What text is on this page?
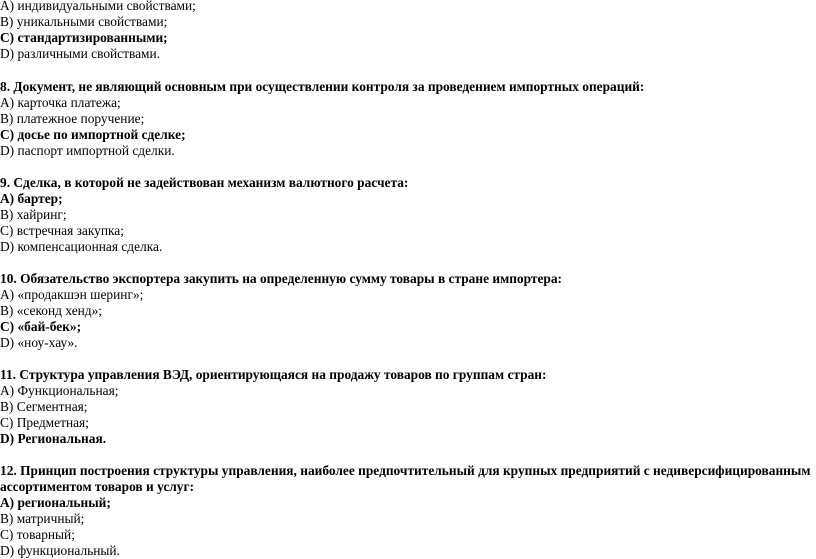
A) индивидуальными свойствами;

B) уникальными свойствами;

C) стандартизированными;

D) различными свойствами.

8. Документ, не являющий основным при осуществлении контроля за проведением импортных операций:

A) карточка платежа;

B) платежное поручение;

C) досье по импортной сделке;

D) паспорт импортной сделки.

9. Сделка, в которой не задействован механизм валютного расчета:

A) бартер;

B) хайринг;

C) встречная закупка;

D) компенсационная сделка.

10. Обязательство экспортера закупить на определенную сумму товары в стране импортера:

A) «продакшэн шеринг»;

B) «секонд хенд»;

C) «бай-бек»;

D) «ноу-хау».

11. Структура управления ВЭД, ориентирующаяся на продажу товаров по группам стран:

A) Функциональная;

B) Сегментная;

C) Предметная;

D) Региональная.

12. Принцип построения структуры управления, наиболее предпочтительный для крупных предприятий с недиверсифицированным ассортиментом товаров и услуг:

A) региональный;

B) матричный;

C) товарный;

D) функциональный.
